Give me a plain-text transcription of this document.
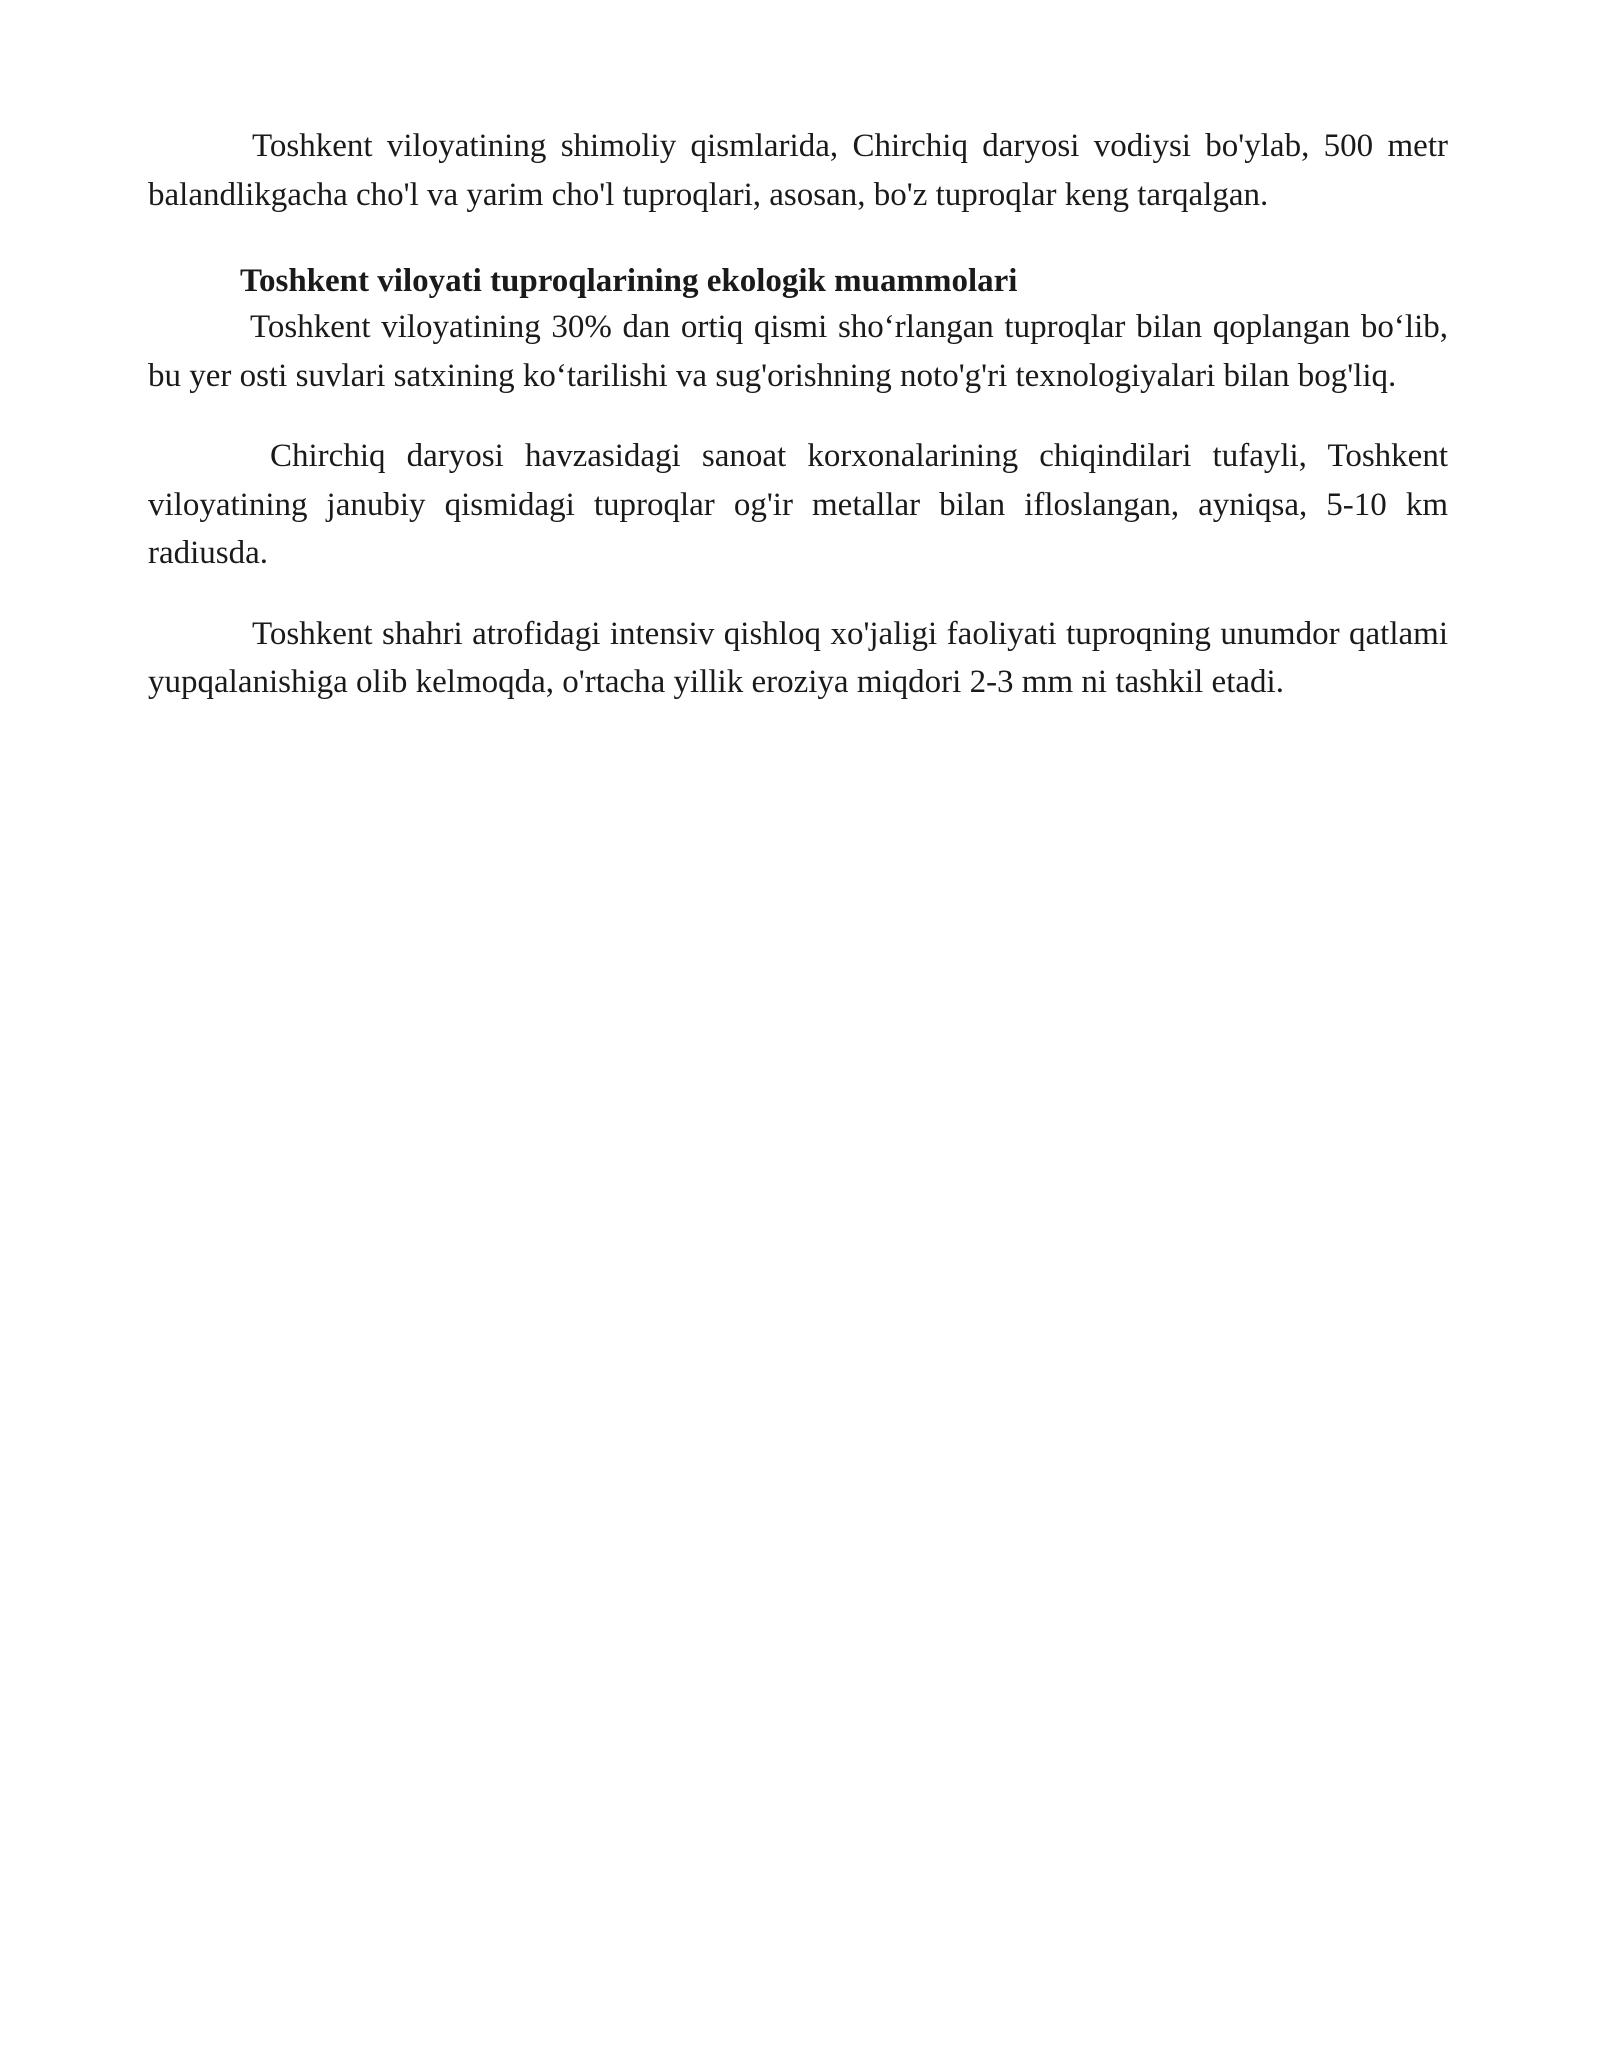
Toshkent viloyatining shimoliy qismlarida, Chirchiq daryosi vodiysi bo'ylab, 500 metr balandlikgacha cho'l va yarim cho'l tuproqlari, asosan, bo'z tuproqlar keng tarqalgan.

Toshkent viloyati tuproqlarining ekologik muammolari

Toshkent viloyatining 30% dan ortiq qismi sho‘rlangan tuproqlar bilan qoplangan bo‘lib, bu yer osti suvlari satxining ko‘tarilishi va sug'orishning noto'g'ri texnologiyalari bilan bog'liq.

Chirchiq daryosi havzasidagi sanoat korxonalarining chiqindilari tufayli, Toshkent viloyatining janubiy qismidagi tuproqlar og'ir metallar bilan ifloslangan, ayniqsa, 5-10 km radiusda.

Toshkent shahri atrofidagi intensiv qishloq xo'jaligi faoliyati tuproqning unumdor qatlami yupqalanishiga olib kelmoqda, o'rtacha yillik eroziya miqdori 2-3 mm ni tashkil etadi.
